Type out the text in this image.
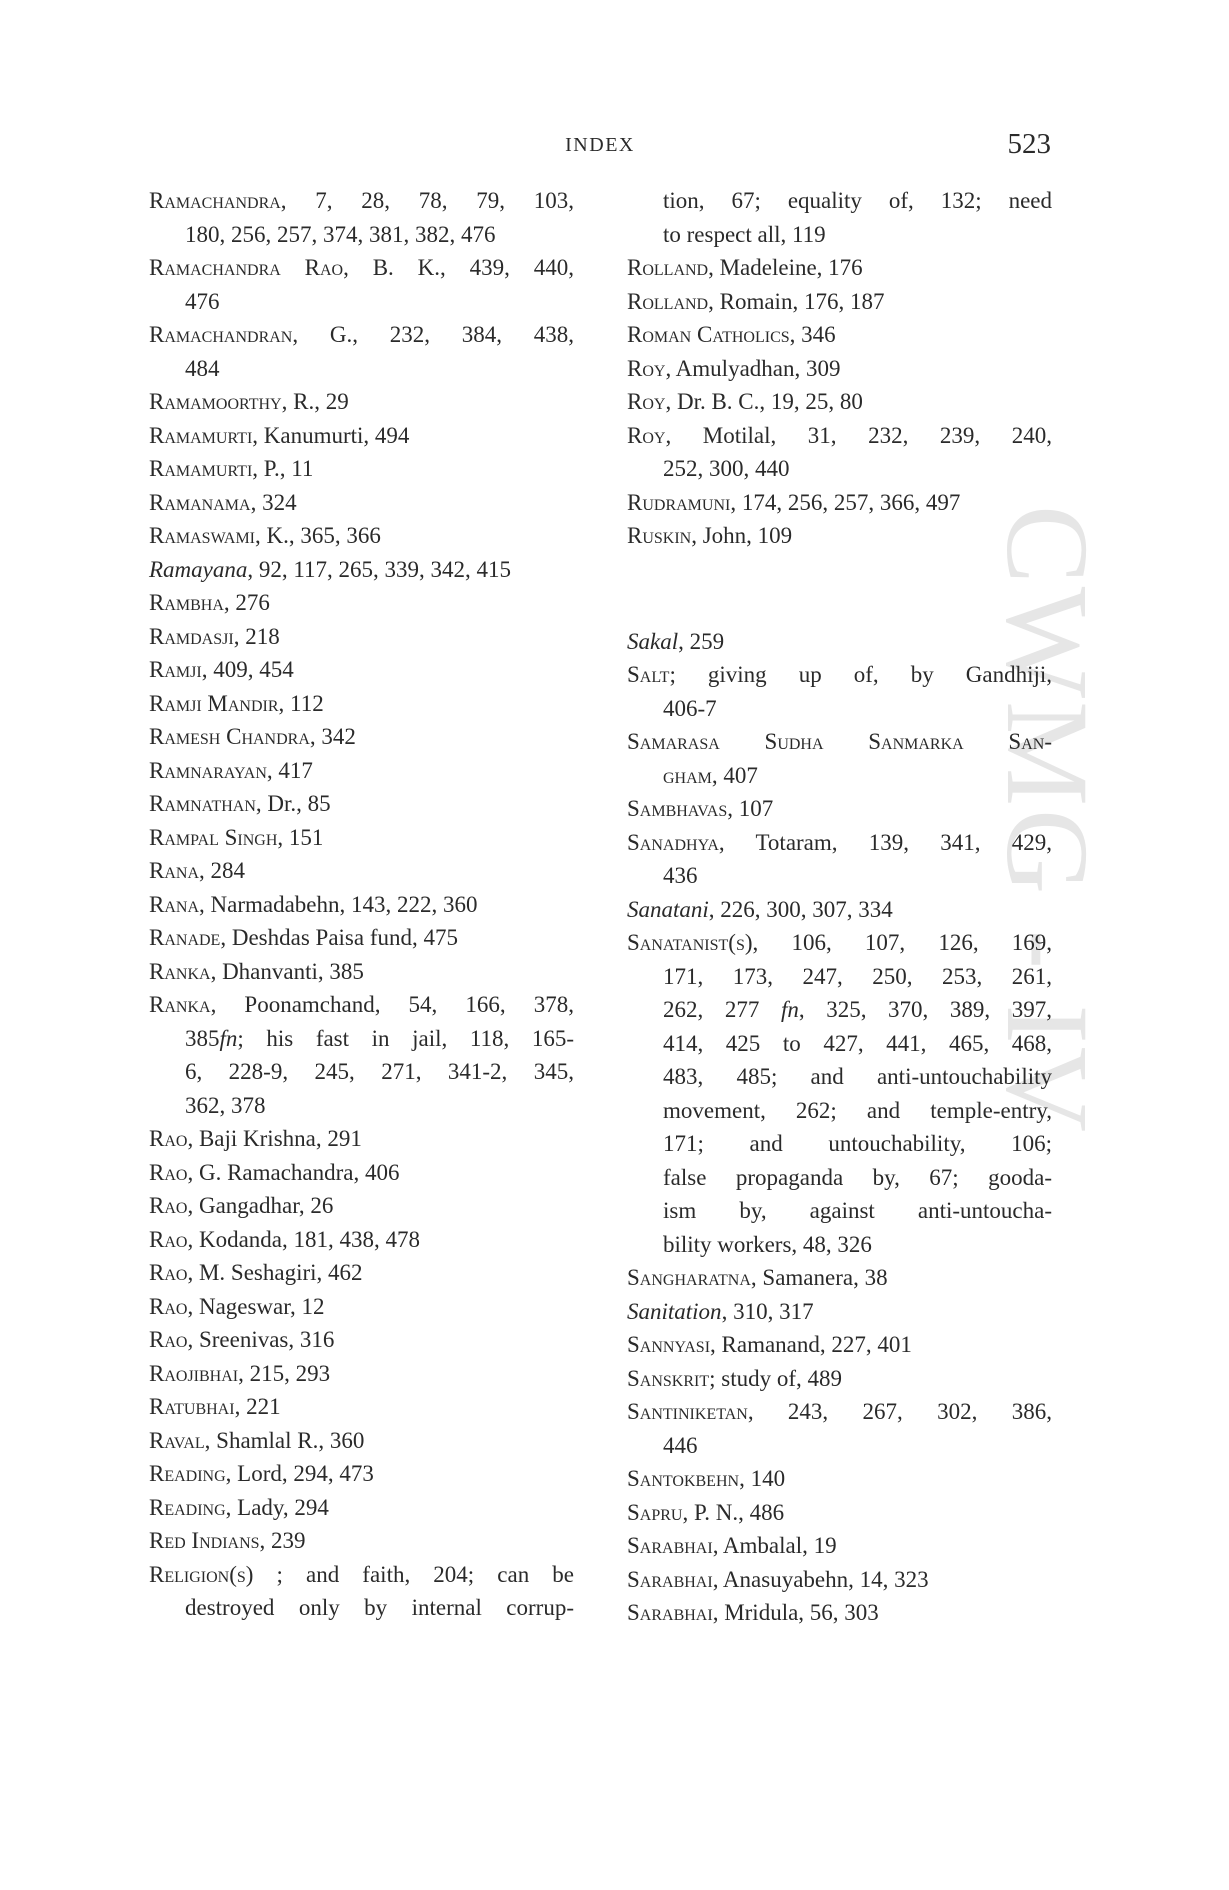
INDEX	523
CWMG - IV
Ramachandra, 7, 28, 78, 79, 103,
180, 256, 257, 374, 381, 382, 476
Ramachandra Rao, B. K., 439, 440,
476
Ramachandran, G., 232, 384, 438,
484
Ramamoorthy, R., 29
Ramamurti, Kanumurti, 494
Ramamurti, P., 11
Ramanama, 324
Ramaswami, K., 365, 366
Ramayana, 92, 117, 265, 339, 342, 415
Rambha, 276
Ramdasji, 218
Ramji, 409, 454
Ramji Mandir, 112
Ramesh Chandra, 342
Ramnarayan, 417
Ramnathan, Dr., 85
Rampal Singh, 151
Rana, 284
Rana, Narmadabehn, 143, 222, 360
Ranade, Deshdas Paisa fund, 475
Ranka, Dhanvanti, 385
Ranka, Poonamchand, 54, 166, 378,
385fn; his fast in jail, 118, 165-
6, 228-9, 245, 271, 341-2, 345,
362, 378
Rao, Baji Krishna, 291
Rao, G. Ramachandra, 406
Rao, Gangadhar, 26
Rao, Kodanda, 181, 438, 478
Rao, M. Seshagiri, 462
Rao, Nageswar, 12
Rao, Sreenivas, 316
Raojibhai, 215, 293
Ratubhai, 221
Raval, Shamlal R., 360
Reading, Lord, 294, 473
Reading, Lady, 294
Red Indians, 239
Religion(s) ; and faith, 204; can be
destroyed only by internal corrup-
tion, 67; equality of, 132; need
to respect all, 119
Rolland, Madeleine, 176
Rolland, Romain, 176, 187
Roman Catholics, 346
Roy, Amulyadhan, 309
Roy, Dr. B. C., 19, 25, 80
Roy, Motilal, 31, 232, 239, 240,
252, 300, 440
Rudramuni, 174, 256, 257, 366, 497
Ruskin, John, 109
Sakal, 259
Salt; giving up of, by Gandhiji,
406-7
Samarasa Sudha Sanmarka San-
gham, 407
Sambhavas, 107
Sanadhya, Totaram, 139, 341, 429,
436
Sanatani, 226, 300, 307, 334
Sanatanist(s), 106, 107, 126, 169,
171, 173, 247, 250, 253, 261,
262, 277 fn, 325, 370, 389, 397,
414, 425 to 427, 441, 465, 468,
483, 485; and anti-untouchability
movement, 262; and temple-entry,
171; and untouchability, 106;
false propaganda by, 67; gooda-
ism by, against anti-untoucha-
bility workers, 48, 326
Sangharatna, Samanera, 38
Sanitation, 310, 317
Sannyasi, Ramanand, 227, 401
Sanskrit; study of, 489
Santiniketan, 243, 267, 302, 386,
446
Santokbehn, 140
Sapru, P. N., 486
Sarabhai, Ambalal, 19
Sarabhai, Anasuyabehn, 14, 323
Sarabhai, Mridula, 56, 303
